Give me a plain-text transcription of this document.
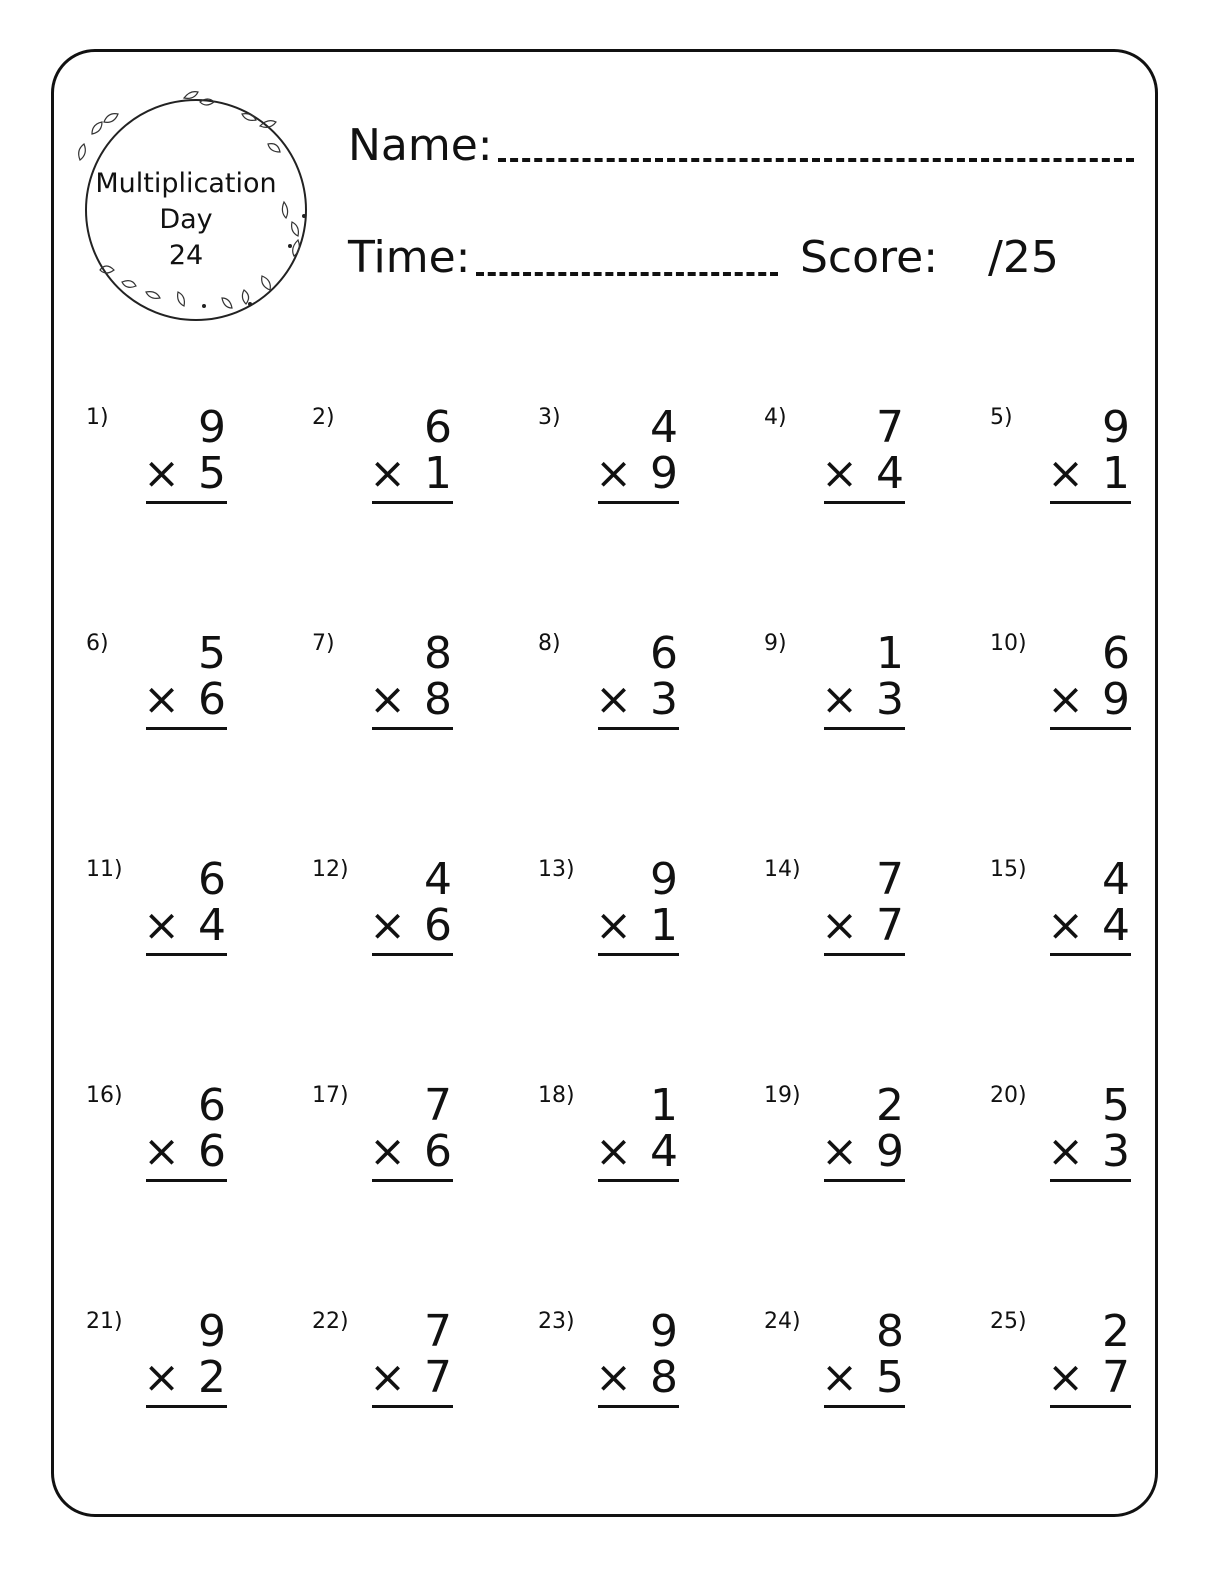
Multiplication
Day
24
Name:
Time:	Score: /25
1) 9
× 5
2) 6
× 1
3) 4
× 9
4) 7
× 4
5) 9
× 1
6) 5
× 6
7) 8
× 8
8) 6
× 3
9) 1
× 3
10) 6
× 9
11) 6
× 4
12) 4
× 6
13) 9
× 1
14) 7
× 7
15) 4
× 4
16) 6
× 6
17) 7
× 6
18) 1
× 4
19) 2
× 9
20) 5
× 3
21) 9
× 2
22) 7
× 7
23) 9
× 8
24) 8
× 5
25) 2
× 7
